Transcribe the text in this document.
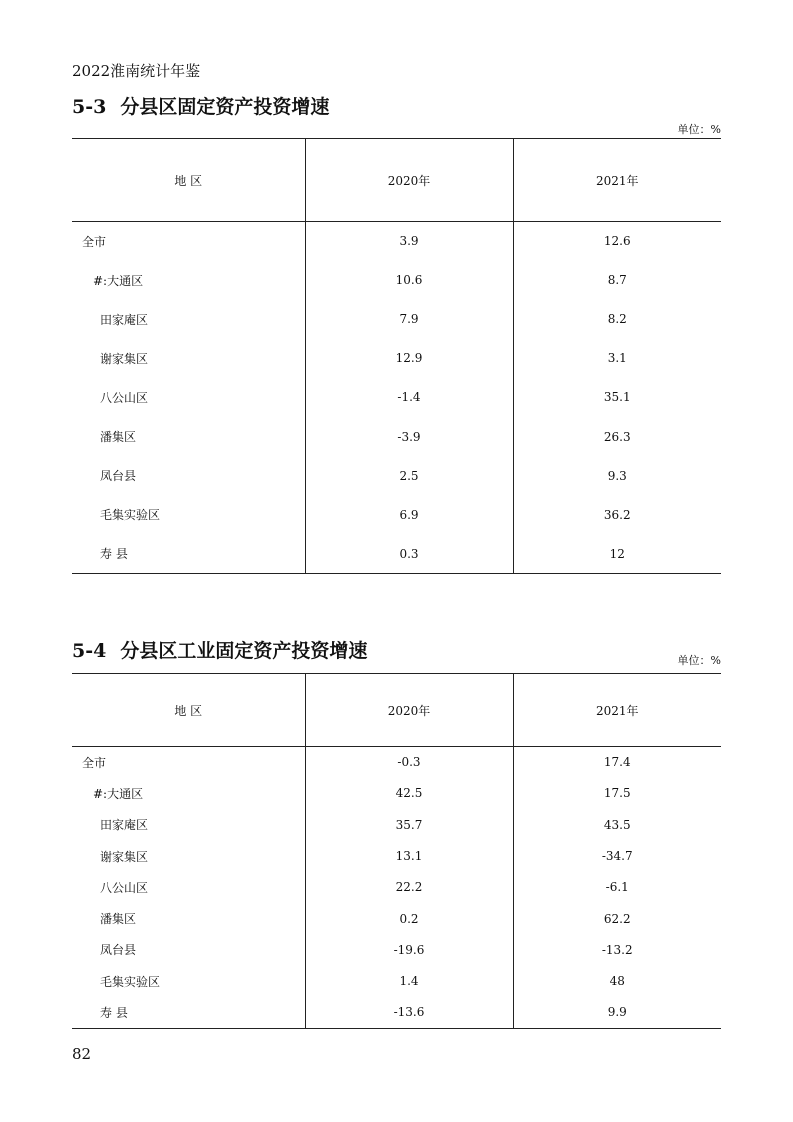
2022淮南统计年鉴
5-3 分县区固定资产投资增速
单位：%
地 区	2020年	2021年
全市	3.9	12.6
#:大通区	10.6	8.7
田家庵区	7.9	8.2
谢家集区	12.9	3.1
八公山区	-1.4	35.1
潘集区	-3.9	26.3
凤台县	2.5	9.3
毛集实验区	6.9	36.2
寿 县	0.3	12
5-4 分县区工业固定资产投资增速	单位：%
地 区	2020年	2021年
全市	-0.3	17.4
#:大通区	42.5	17.5
田家庵区	35.7	43.5
谢家集区	13.1	-34.7
八公山区	22.2	-6.1
潘集区	0.2	62.2
凤台县	-19.6	-13.2
毛集实验区	1.4	48
寿 县	-13.6	9.9
82
